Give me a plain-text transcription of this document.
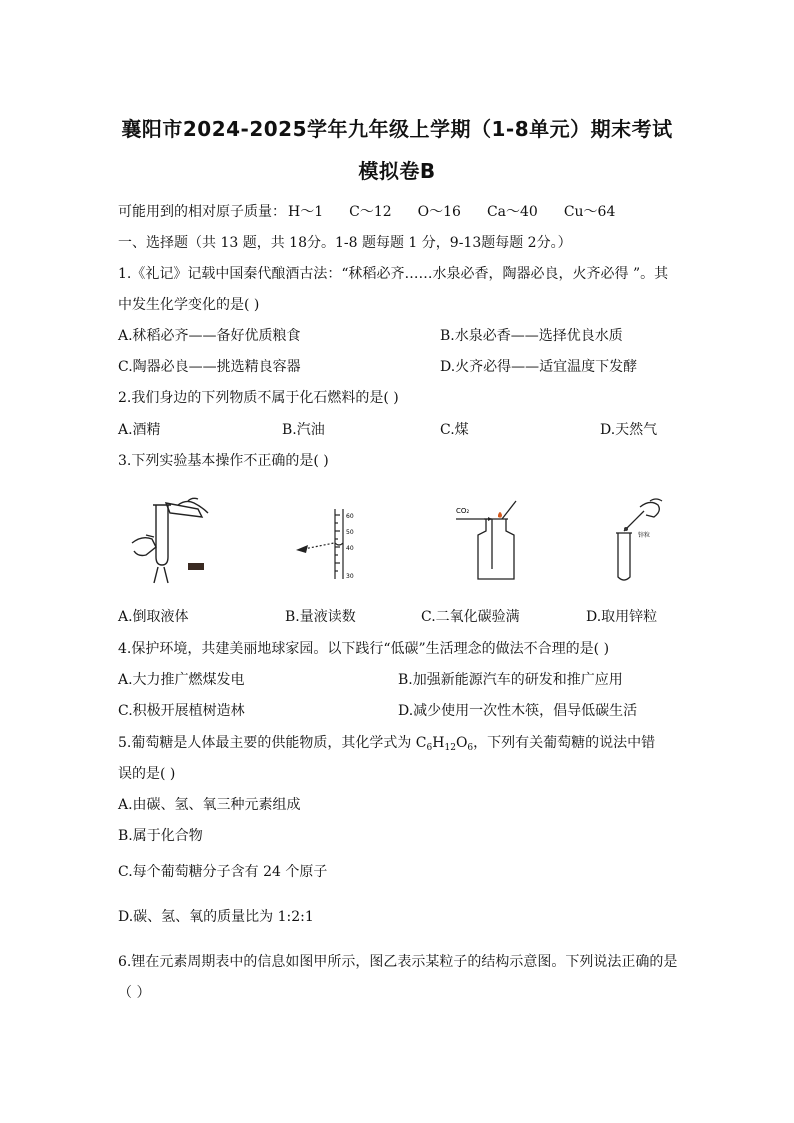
襄阳市2024-2025学年九年级上学期（1-8单元）期末考试
模拟卷B
可能用到的相对原子质量： H～1 C～12 O～16 Ca～40 Cu～64
一、选择题（共 13 题，共 18分。1-8 题每题 1 分，9-13题每题 2分。）
1.《礼记》记载中国秦代酿酒古法：“秫稻必齐……水泉必香，陶器必良，火齐必得 ”。其
中发生化学变化的是( )
A.秫稻必齐——备好优质粮食	B.水泉必香——选择优良水质
C.陶器必良——挑选精良容器	D.火齐必得——适宜温度下发酵
2.我们身边的下列物质不属于化石燃料的是( )
A.酒精	B.汽油	C.煤	D.天然气
3.下列实验基本操作不正确的是( )
60
50
40
30
CO₂
锌粒
A.倒取液体	B.量液读数	C.二氧化碳验满	D.取用锌粒
4.保护环境，共建美丽地球家园。以下践行“低碳”生活理念的做法不合理的是( )
A.大力推广燃煤发电	B.加强新能源汽车的研发和推广应用
C.积极开展植树造林	D.减少使用一次性木筷，倡导低碳生活
5.葡萄糖是人体最主要的供能物质，其化学式为 $C_6H_{12}O_6$，下列有关葡萄糖的说法中错
误的是( )
A.由碳、氢、氧三种元素组成
B.属于化合物
C.每个葡萄糖分子含有 24 个原子
D.碳、氢、氧的质量比为 1:2:1
6.锂在元素周期表中的信息如图甲所示，图乙表示某粒子的结构示意图。下列说法正确的是
（ ）
